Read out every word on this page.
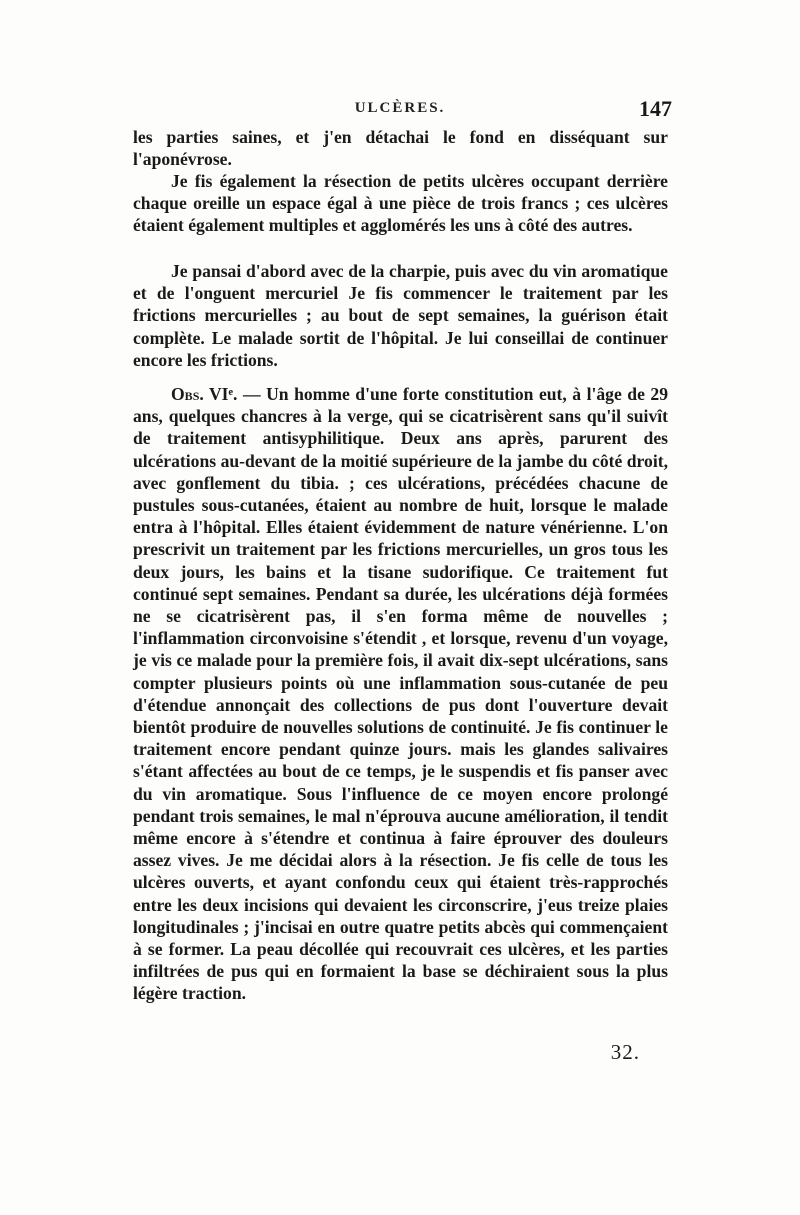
ULCÈRES.	147

les parties saines, et j'en détachai le fond en disséquant sur l'aponévrose.

Je fis également la résection de petits ulcères occupant derrière chaque oreille un espace égal à une pièce de trois francs ; ces ulcères étaient également multiples et agglomérés les uns à côté des autres.

Je pansai d'abord avec de la charpie, puis avec du vin aromatique et de l'onguent mercuriel Je fis commencer le traitement par les frictions mercurielles ; au bout de sept semaines, la guérison était complète. Le malade sortit de l'hôpital. Je lui conseillai de continuer encore les frictions.

Obs. VIᵉ. — Un homme d'une forte constitution eut, à l'âge de 29 ans, quelques chancres à la verge, qui se cicatrisèrent sans qu'il suivît de traitement antisyphilitique. Deux ans après, parurent des ulcérations au-devant de la moitié supérieure de la jambe du côté droit, avec gonflement du tibia. ; ces ulcérations, précédées chacune de pustules sous-cutanées, étaient au nombre de huit, lorsque le malade entra à l'hôpital. Elles étaient évidemment de nature vénérienne. L'on prescrivit un traitement par les frictions mercurielles, un gros tous les deux jours, les bains et la tisane sudorifique. Ce traitement fut continué sept semaines. Pendant sa durée, les ulcérations déjà formées ne se cicatrisèrent pas, il s'en forma même de nouvelles ; l'inflammation circonvoisine s'étendit , et lorsque, revenu d'un voyage, je vis ce malade pour la première fois, il avait dix-sept ulcérations, sans compter plusieurs points où une inflammation sous-cutanée de peu d'étendue annonçait des collections de pus dont l'ouverture devait bientôt produire de nouvelles solutions de continuité. Je fis continuer le traitement encore pendant quinze jours. mais les glandes salivaires s'étant affectées au bout de ce temps, je le suspendis et fis panser avec du vin aromatique. Sous l'influence de ce moyen encore prolongé pendant trois semaines, le mal n'éprouva aucune amélioration, il tendit même encore à s'étendre et continua à faire éprouver des douleurs assez vives. Je me décidai alors à la résection. Je fis celle de tous les ulcères ouverts, et ayant confondu ceux qui étaient très-rapprochés entre les deux incisions qui devaient les circonscrire, j'eus treize plaies longitudinales ; j'incisai en outre quatre petits abcès qui commençaient à se former. La peau décollée qui recouvrait ces ulcères, et les parties infiltrées de pus qui en formaient la base se déchiraient sous la plus légère traction.

32.
